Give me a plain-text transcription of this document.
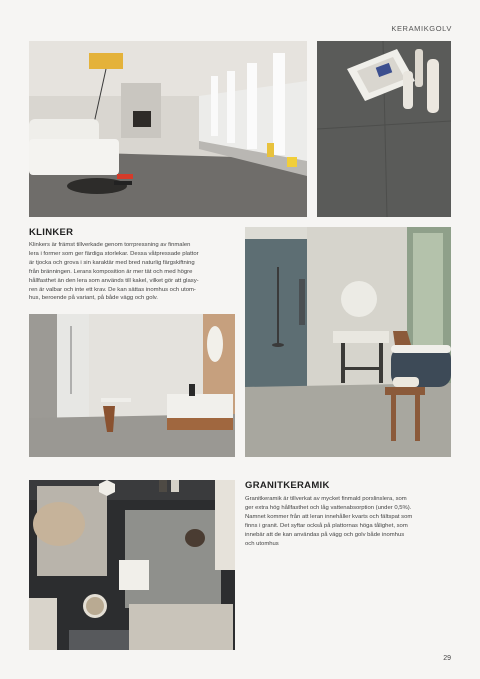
KERAMIKGOLV
KLINKER
Klinkers är främst tillverkade genom torrpressning av finmalen
lera i former som ger färdiga storlekar. Dessa våtpressade plattor
är tjocka och grova i sin karaktär med bred naturlig färgskiftning
från bränningen. Lerans komposition är mer tät och med högre
hållfasthet än den lera som används till kakel, vilket gör att glasy-
ren är valbar och inte ett krav. De kan sättas inomhus och utom-
hus, beroende på variant, på både vägg och golv.
GRANITKERAMIK
Granitkeramik är tillverkat av mycket finmald porslinslera, som
ger extra hög hållfasthet och låg vattenabsorption (under 0,5%).
Namnet kommer från att leran innehåller kvarts och fältspat som
finns i granit. Det syftar också på plattornas höga tålighet, som
innebär att de kan användas på vägg och golv både inomhus
och utomhus
29
